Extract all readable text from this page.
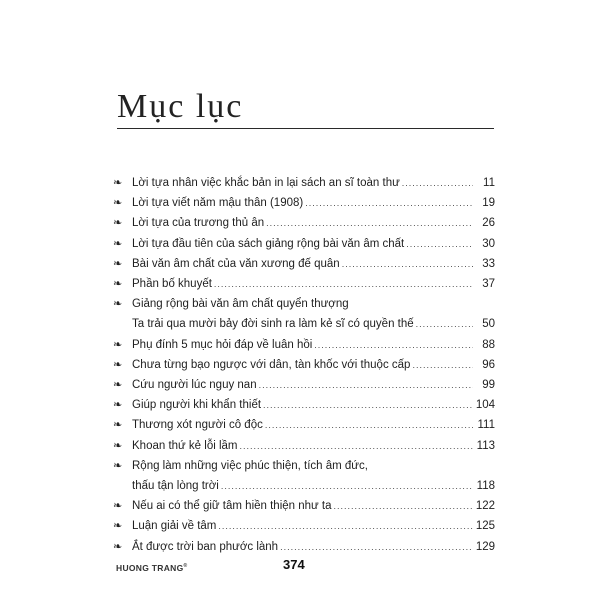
Mục lục
❧ Lời tựa nhân việc khắc bản in lại sách an sĩ toàn thư .....	11
❧ Lời tựa viết năm mậu thân (1908) .....	19
❧ Lời tựa của trương thủ ân .....	26
❧ Lời tựa đầu tiên của sách giảng rộng bài văn âm chất .....	30
❧ Bài văn âm chất của văn xương đế quân .....	33
❧ Phần bố khuyết .....	37
❧ Giảng rộng bài văn âm chất quyển thượng
Ta trải qua mười bảy đời sinh ra làm kẻ sĩ có quyền thế .....	50
❧ Phụ đính 5 mục hỏi đáp về luân hồi .....	88
❧ Chưa từng bạo ngược với dân, tàn khốc với thuộc cấp .....	96
❧ Cứu người lúc nguy nan .....	99
❧ Giúp người khi khẩn thiết .....	104
❧ Thương xót người cô độc .....	111
❧ Khoan thứ kẻ lỗi lầm .....	113
❧ Rộng làm những việc phúc thiện, tích âm đức,
thấu tận lòng trời .....	118
❧ Nếu ai có thể giữ tâm hiền thiện như ta .....	122
❧ Luận giải về tâm .....	125
❧ Ắt được trời ban phước lành .....	129
HUONG TRANG®	374
